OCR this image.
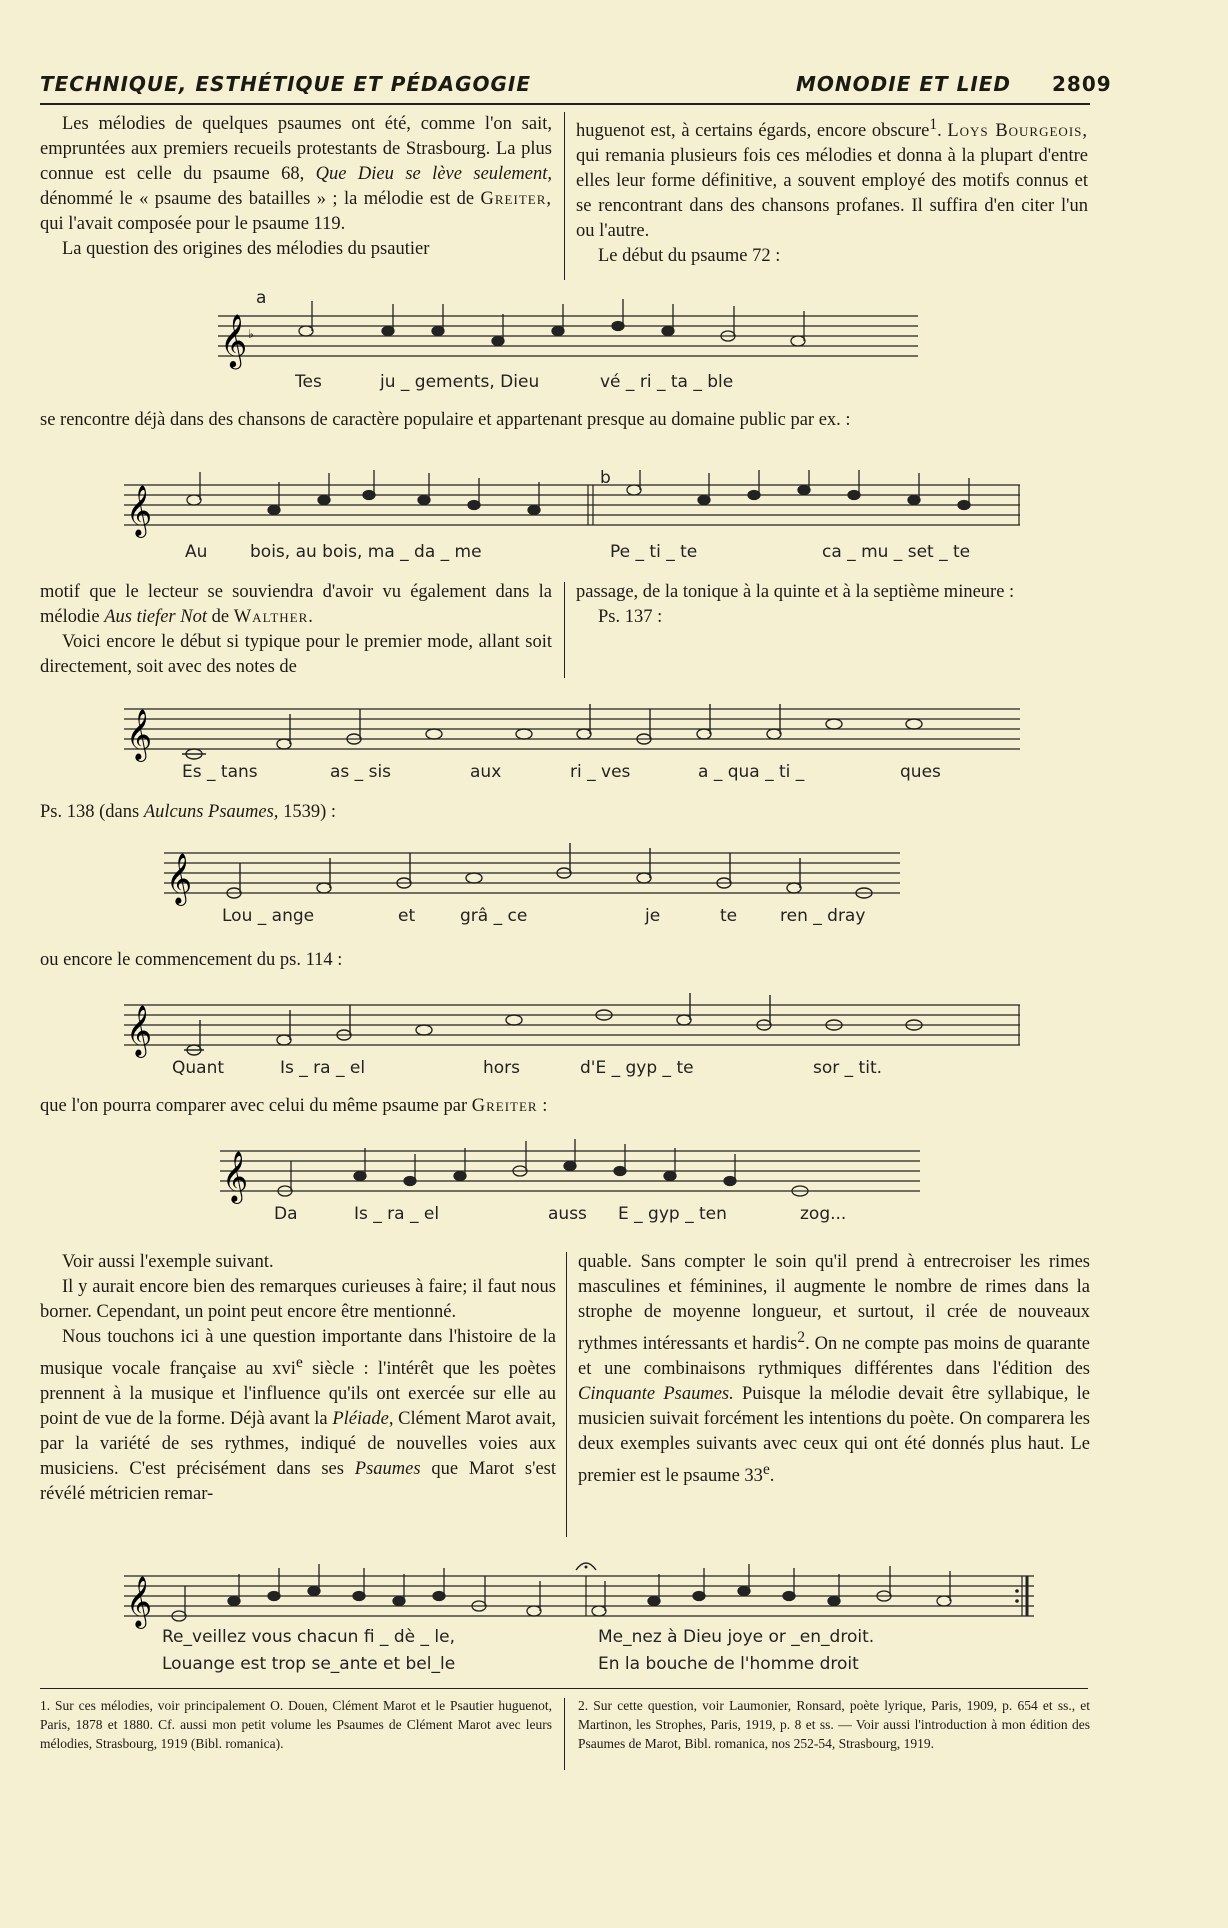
TECHNIQUE, ESTHÉTIQUE ET PÉDAGOGIE	MONODIE ET LIED 2809

Les mélodies de quelques psaumes ont été, comme l'on sait, empruntées aux premiers recueils protestants de Strasbourg. La plus connue est celle du psaume 68, Que Dieu se lève seulement, dénommé le « psaume des batailles » ; la mélodie est de Greiter, qui l'avait composée pour le psaume 119.

La question des origines des mélodies du psautier

huguenot est, à certains égards, encore obscure$^1$. Loys Bourgeois, qui remania plusieurs fois ces mélodies et donna à la plupart d'entre elles leur forme définitive, a souvent employé des motifs connus et se rencontrant dans des chansons profanes. Il suffira d'en citer l'un ou l'autre.

Le début du psaume 72 :

𝄞 ♭
a
Tes	ju _ gements, Dieu	vé _ ri _ ta _ ble

se rencontre déjà dans des chansons de caractère populaire et appartenant presque au domaine public par ex. :

𝄞
b
Au	bois, au bois, ma _ da _ me	Pe _ ti _ te	ca _ mu _ set _ te

motif que le lecteur se souviendra d'avoir vu également dans la mélodie Aus tiefer Not de Walther.

Voici encore le début si typique pour le premier mode, allant soit directement, soit avec des notes de

passage, de la tonique à la quinte et à la septième mineure :

Ps. 137 :

𝄞
Es _ tans	as _ sis	aux	ri _ ves	a _ qua _ ti _	ques
Ps. 138 (dans Aulcuns Psaumes, 1539) :
𝄞
Lou _ ange	et	grâ _ ce	je	te	ren _ dray
ou encore le commencement du ps. 114 :
𝄞
Quant	Is _ ra _ el	hors	d'E _ gyp _ te	sor _ tit.
que l'on pourra comparer avec celui du même psaume par Greiter :
𝄞
Da	Is _ ra _ el	auss E _ gyp _ ten	zog...

Voir aussi l'exemple suivant.

Il y aurait encore bien des remarques curieuses à faire; il faut nous borner. Cependant, un point peut encore être mentionné.

Nous touchons ici à une question importante dans l'histoire de la musique vocale française au xvi$^e$ siècle : l'intérêt que les poètes prennent à la musique et l'influence qu'ils ont exercée sur elle au point de vue de la forme. Déjà avant la Pléiade, Clément Marot avait, par la variété de ses rythmes, indiqué de nouvelles voies aux musiciens. C'est précisément dans ses Psaumes que Marot s'est révélé métricien remar-

quable. Sans compter le soin qu'il prend à entrecroiser les rimes masculines et féminines, il augmente le nombre de rimes dans la strophe de moyenne longueur, et surtout, il crée de nouveaux rythmes intéressants et hardis$^2$. On ne compte pas moins de quarante et une combinaisons rythmiques différentes dans l'édition des Cinquante Psaumes. Puisque la mélodie devait être syllabique, le musicien suivait forcément les intentions du poète. On comparera les deux exemples suivants avec ceux qui ont été donnés plus haut. Le premier est le psaume 33e.

𝄞
Re_veillez vous chacun fi _ dè _ le,
Louange est trop se_ante et bel_le
Me_nez à Dieu joye or _en_droit.
En la bouche de l'homme droit
1. Sur ces mélodies, voir principalement O. Douen, Clément Marot et le Psautier huguenot, Paris, 1878 et 1880. Cf. aussi mon petit volume les Psaumes de Clément Marot avec leurs mélodies, Strasbourg, 1919 (Bibl. romanica).
2. Sur cette question, voir Laumonier, Ronsard, poète lyrique, Paris, 1909, p. 654 et ss., et Martinon, les Strophes, Paris, 1919, p. 8 et ss. — Voir aussi l'introduction à mon édition des Psaumes de Marot, Bibl. romanica, nos 252-54, Strasbourg, 1919.
